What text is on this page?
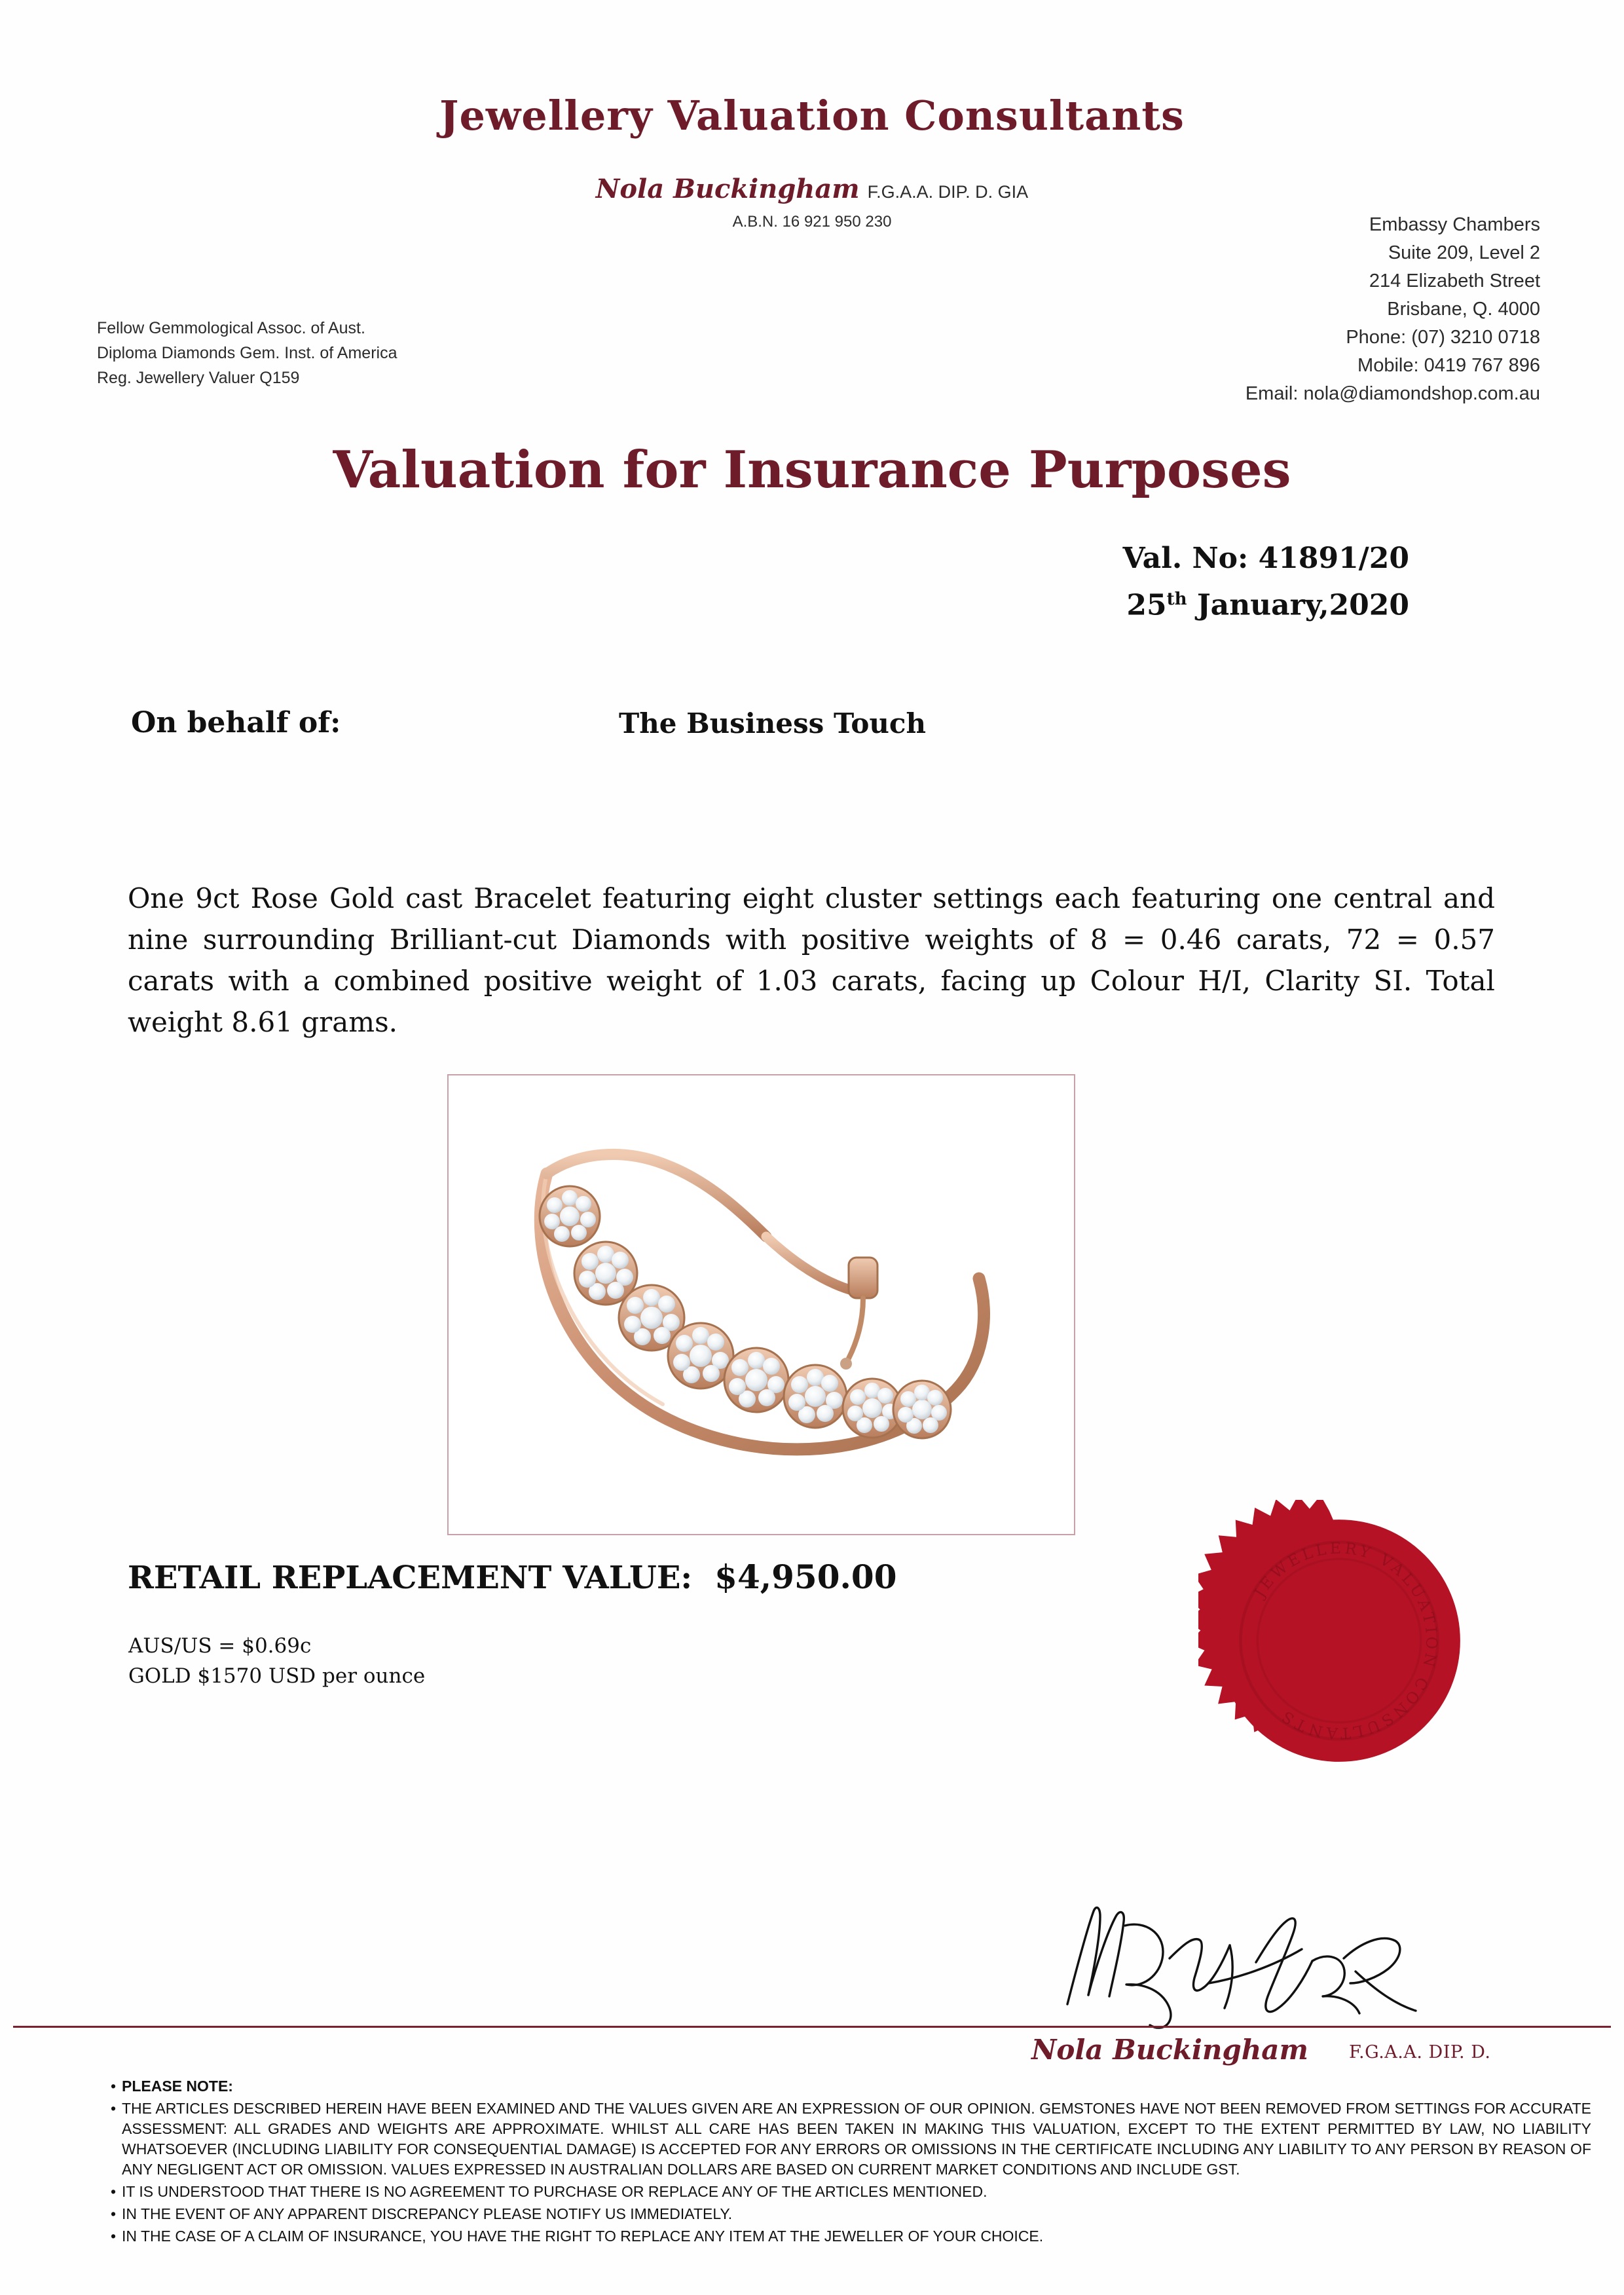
Jewellery Valuation Consultants
Nola Buckingham F.G.A.A. DIP. D. GIA
A.B.N. 16 921 950 230
Fellow Gemmological Assoc. of Aust.
Diploma Diamonds Gem. Inst. of America
Reg. Jewellery Valuer Q159
Embassy Chambers
Suite 209, Level 2
214 Elizabeth Street
Brisbane, Q. 4000
Phone: (07) 3210 0718
Mobile: 0419 767 896
Email: nola@diamondshop.com.au
Valuation for Insurance Purposes
Val. No: 41891/20
25th January,2020
On behalf of:	The Business Touch
One 9ct Rose Gold cast Bracelet featuring eight cluster settings each featuring one central and nine surrounding Brilliant-cut Diamonds with positive weights of 8 = 0.46 carats, 72 = 0.57 carats with a combined positive weight of 1.03 carats, facing up Colour H/I, Clarity SI. Total weight 8.61 grams.
RETAIL REPLACEMENT VALUE: $4,950.00
AUS/US = $0.69c
GOLD $1570 USD per ounce
JEWELLERY VALUATION CONSULTANTS
Nola Buckingham F.G.A.A. DIP. D.
• PLEASE NOTE:
• THE ARTICLES DESCRIBED HEREIN HAVE BEEN EXAMINED AND THE VALUES GIVEN ARE AN EXPRESSION OF OUR OPINION. GEMSTONES HAVE NOT BEEN REMOVED FROM SETTINGS FOR ACCURATE ASSESSMENT: ALL GRADES AND WEIGHTS ARE APPROXIMATE. WHILST ALL CARE HAS BEEN TAKEN IN MAKING THIS VALUATION, EXCEPT TO THE EXTENT PERMITTED BY LAW, NO LIABILITY WHATSOEVER (INCLUDING LIABILITY FOR CONSEQUENTIAL DAMAGE) IS ACCEPTED FOR ANY ERRORS OR OMISSIONS IN THE CERTIFICATE INCLUDING ANY LIABILITY TO ANY PERSON BY REASON OF ANY NEGLIGENT ACT OR OMISSION. VALUES EXPRESSED IN AUSTRALIAN DOLLARS ARE BASED ON CURRENT MARKET CONDITIONS AND INCLUDE GST.
• IT IS UNDERSTOOD THAT THERE IS NO AGREEMENT TO PURCHASE OR REPLACE ANY OF THE ARTICLES MENTIONED.
• IN THE EVENT OF ANY APPARENT DISCREPANCY PLEASE NOTIFY US IMMEDIATELY.
• IN THE CASE OF A CLAIM OF INSURANCE, YOU HAVE THE RIGHT TO REPLACE ANY ITEM AT THE JEWELLER OF YOUR CHOICE.
